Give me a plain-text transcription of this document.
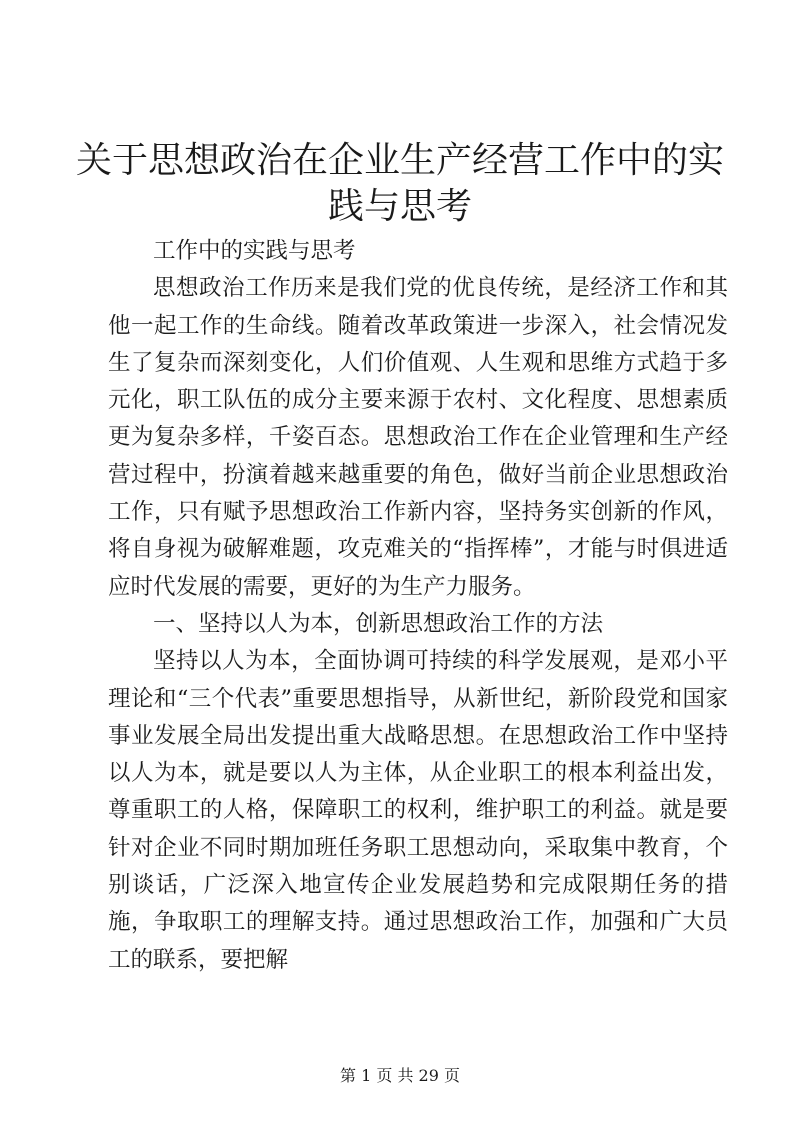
关于思想政治在企业生产经营工作中的实践与思考

工作中的实践与思考

思想政治工作历来是我们党的优良传统，是经济工作和其他一起工作的生命线。随着改革政策进一步深入，社会情况发生了复杂而深刻变化，人们价值观、人生观和思维方式趋于多元化，职工队伍的成分主要来源于农村、文化程度、思想素质更为复杂多样，千姿百态。思想政治工作在企业管理和生产经营过程中，扮演着越来越重要的角色，做好当前企业思想政治工作，只有赋予思想政治工作新内容，坚持务实创新的作风，将自身视为破解难题，攻克难关的“指挥棒”，才能与时俱进适应时代发展的需要，更好的为生产力服务。

一、坚持以人为本，创新思想政治工作的方法

坚持以人为本，全面协调可持续的科学发展观，是邓小平理论和“三个代表”重要思想指导，从新世纪，新阶段党和国家事业发展全局出发提出重大战略思想。在思想政治工作中坚持以人为本，就是要以人为主体，从企业职工的根本利益出发，尊重职工的人格，保障职工的权利，维护职工的利益。就是要针对企业不同时期加班任务职工思想动向，采取集中教育，个别谈话，广泛深入地宣传企业发展趋势和完成限期任务的措施，争取职工的理解支持。通过思想政治工作，加强和广大员工的联系，要把解

第 1 页 共 29 页
